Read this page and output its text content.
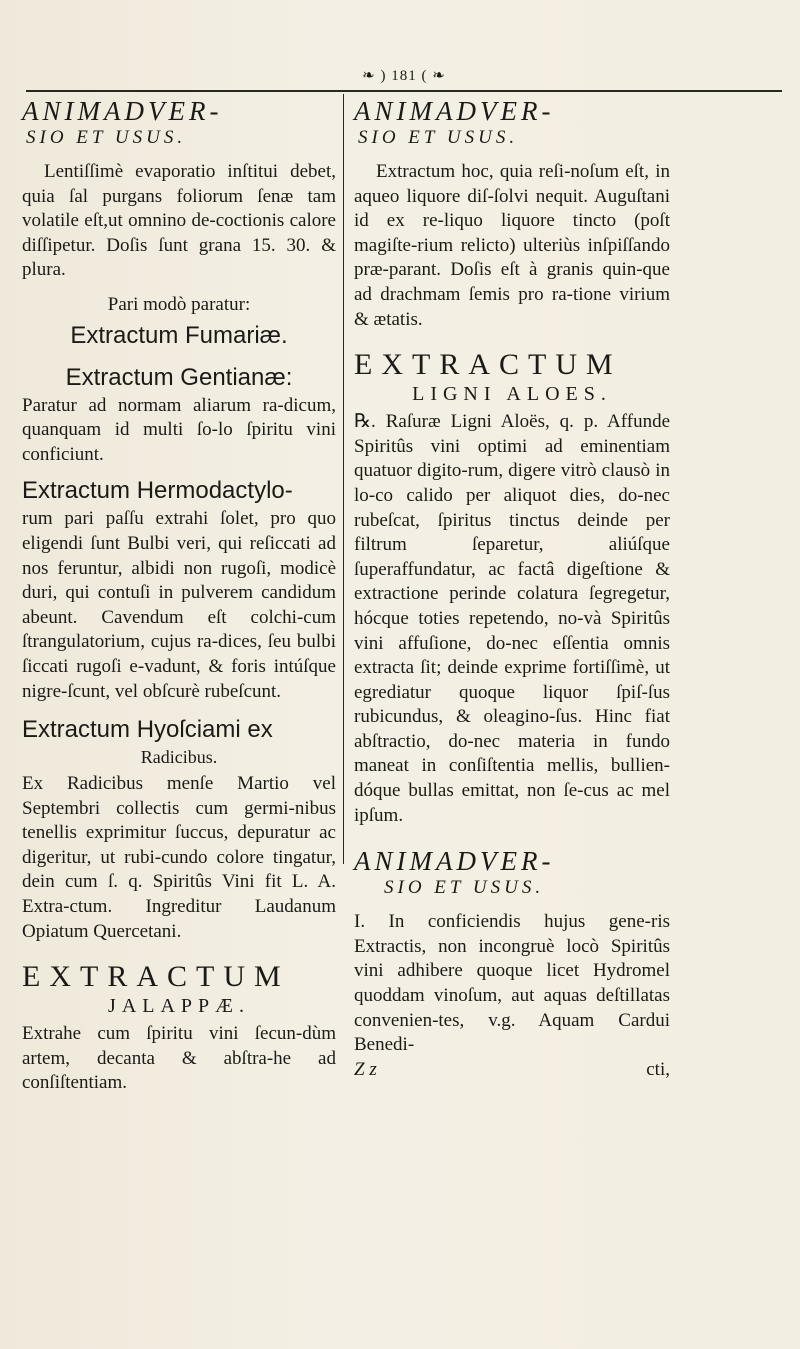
❧ ) 181 ( ❧

ANIMADVER-

SIO ET USUS.

Lentiſſimè evaporatio inſtitui debet, quia ſal purgans foliorum ſenæ tam volatile eſt,ut omnino de-coctionis calore diſſipetur. Doſis ſunt grana 15. 30. & plura.

Pari modò paratur:

Extractum Fumariæ.

Extractum Gentianæ:

Paratur ad normam aliarum ra-dicum, quanquam id multi ſo-lo ſpiritu vini conficiunt.

Extractum Hermodactylo-

rum pari paſſu extrahi ſolet, pro quo eligendi ſunt Bulbi veri, qui reſiccati ad nos feruntur, albidi non rugoſi, modicè duri, qui contuſi in pulverem candidum abeunt. Cavendum eſt colchi-cum ſtrangulatorium, cujus ra-dices, ſeu bulbi ſiccati rugoſi e-vadunt, & foris intúſque nigre-ſcunt, vel obſcurè rubeſcunt.

Extractum Hyoſciami ex

Radicibus.

Ex Radicibus menſe Martio vel Septembri collectis cum germi-nibus tenellis exprimitur ſuccus, depuratur ac digeritur, ut rubi-cundo colore tingatur, dein cum ſ. q. Spiritûs Vini fit L. A. Extra-ctum. Ingreditur Laudanum Opiatum Quercetani.

EXTRACTUM

JALAPPÆ.

Extrahe cum ſpiritu vini ſecun-dùm artem, decanta & abſtra-he ad conſiſtentiam.

ANIMADVER-

SIO ET USUS.

Extractum hoc, quia reſi-noſum eſt, in aqueo liquore diſ-ſolvi nequit. Auguſtani id ex re-liquo liquore tincto (poſt magiſte-rium relicto) ulteriùs inſpiſſando præ-parant. Doſis eſt à granis quin-que ad drachmam ſemis pro ra-tione virium & ætatis.

EXTRACTUM

LIGNI ALOES.

℞. Raſuræ Ligni Aloës, q. p. Affunde Spiritûs vini optimi ad eminentiam quatuor digito-rum, digere vitrò clausò in lo-co calido per aliquot dies, do-nec rubeſcat, ſpiritus tinctus deinde per filtrum ſeparetur, aliúſque ſuperaffundatur, ac factâ digeſtione & extractione perinde colatura ſegregetur, hócque toties repetendo, no-và Spiritûs vini affuſione, do-nec eſſentia omnis extracta ſit; deinde exprime fortiſſimè, ut egrediatur quoque liquor ſpiſ-ſus rubicundus, & oleagino-ſus. Hinc fiat abſtractio, do-nec materia in fundo maneat in conſiſtentia mellis, bullien-dóque bullas emittat, non ſe-cus ac mel ipſum.

ANIMADVER-

SIO ET USUS.

I. In conficiendis hujus gene-ris Extractis, non incongruè locò Spiritûs vini adhibere quoque licet Hydromel quoddam vinoſum, aut aquas deſtillatas convenien-tes, v.g. Aquam Cardui Benedi-

Z z	cti,
